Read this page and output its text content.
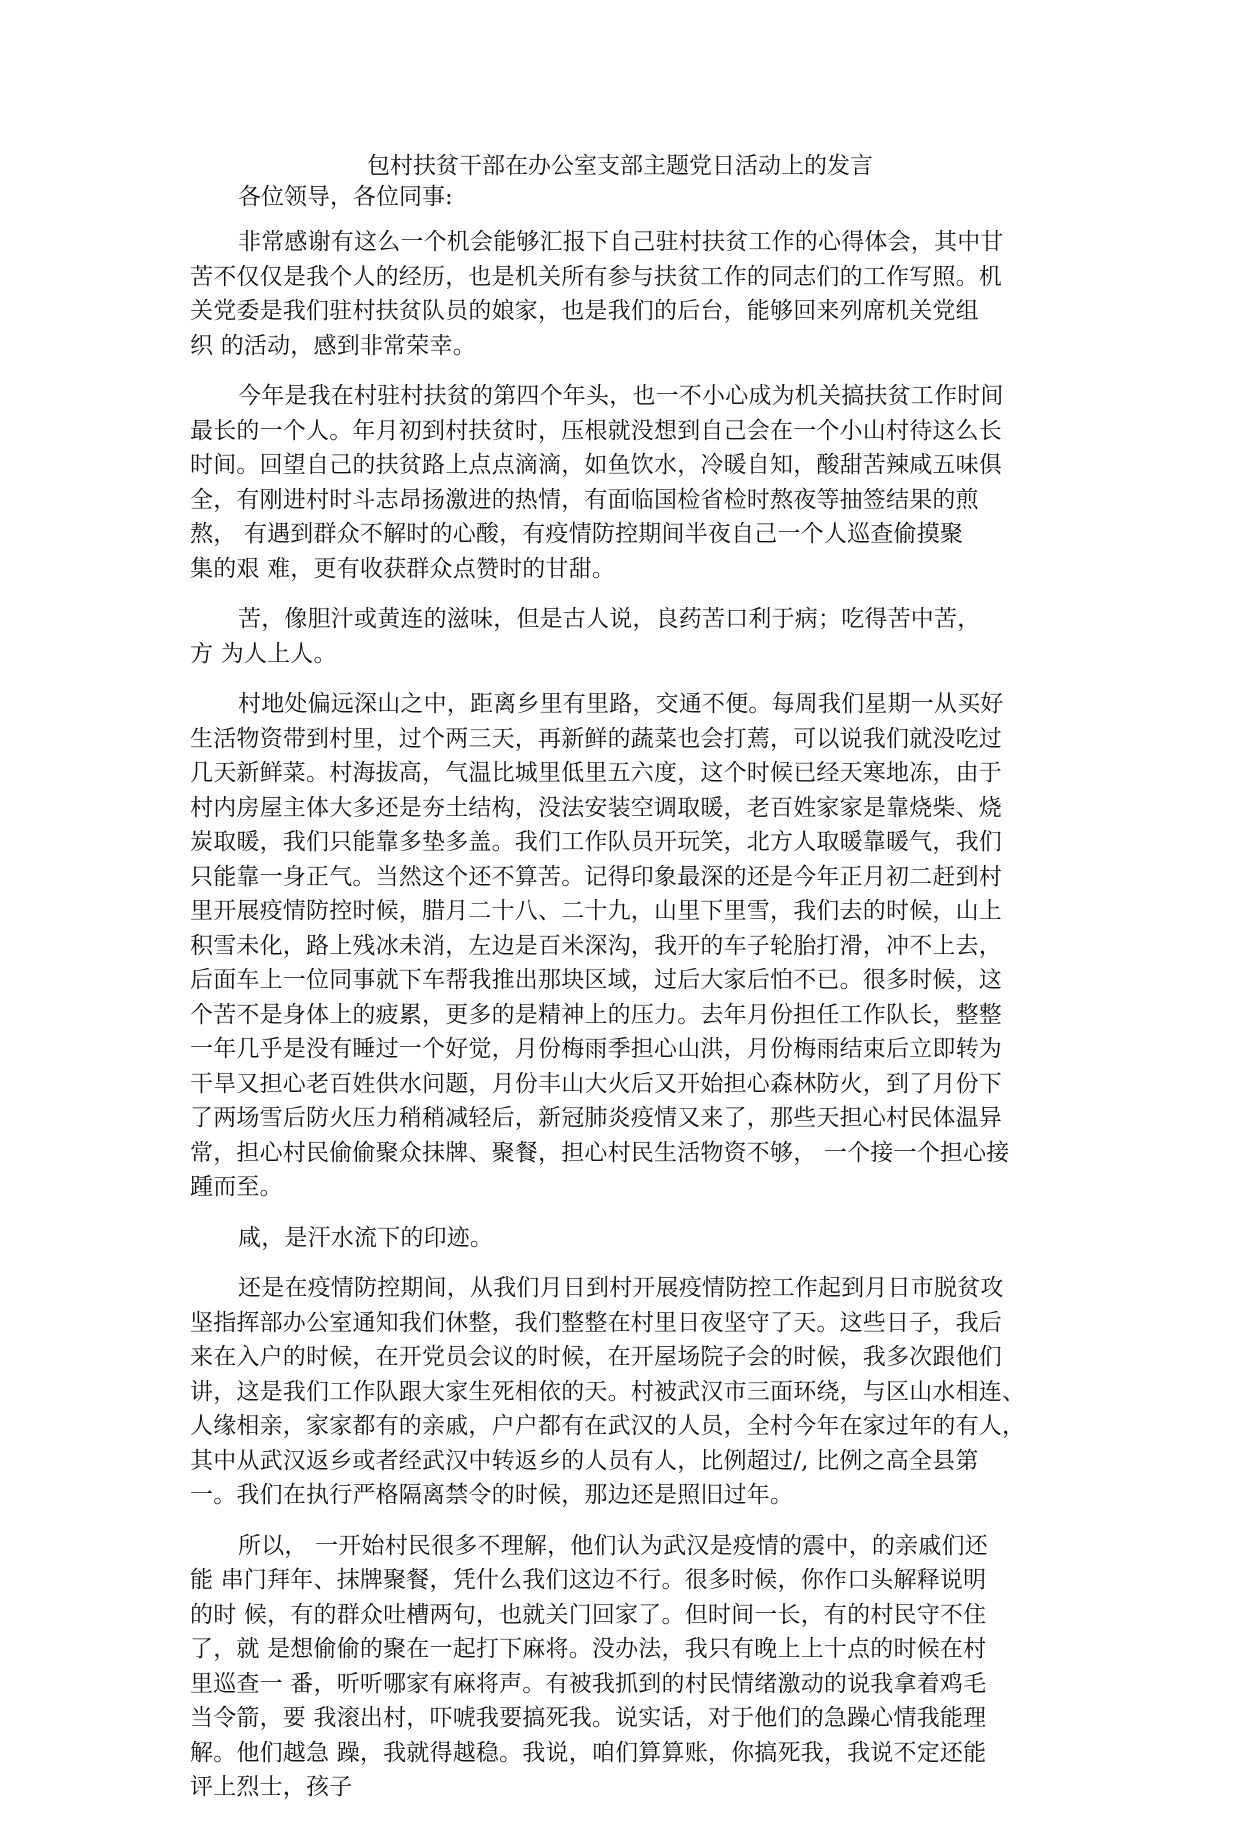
包村扶贫干部在办公室支部主题党日活动上的发言
各位领导，各位同事:
非常感谢有这么一个机会能够汇报下自己驻村扶贫工作的心得体会，其中甘
苦不仅仅是我个人的经历，也是机关所有参与扶贫工作的同志们的工作写照。机
关党委是我们驻村扶贫队员的娘家，也是我们的后台，能够回来列席机关党组
织 的活动，感到非常荣幸。
今年是我在村驻村扶贫的第四个年头，也一不小心成为机关搞扶贫工作时间
最长的一个人。年月初到村扶贫时，压根就没想到自己会在一个小山村待这么长
时间。回望自己的扶贫路上点点滴滴，如鱼饮水，冷暖自知，酸甜苦辣咸五味俱
全，有刚进村时斗志昂扬激进的热情，有面临国检省检时熬夜等抽签结果的煎
熬， 有遇到群众不解时的心酸，有疫情防控期间半夜自己一个人巡查偷摸聚
集的艰 难，更有收获群众点赞时的甘甜。
苦，像胆汁或黄连的滋味，但是古人说，良药苦口利于病；吃得苦中苦，
方 为人上人。
村地处偏远深山之中，距离乡里有里路，交通不便。每周我们星期一从买好
生活物资带到村里，过个两三天，再新鲜的蔬菜也会打蔫，可以说我们就没吃过
几天新鲜菜。村海拔高，气温比城里低里五六度，这个时候已经天寒地冻，由于
村内房屋主体大多还是夯土结构，没法安装空调取暖，老百姓家家是靠烧柴、烧
炭取暖，我们只能靠多垫多盖。我们工作队员开玩笑，北方人取暖靠暖气，我们
只能靠一身正气。当然这个还不算苦。记得印象最深的还是今年正月初二赶到村
里开展疫情防控时候，腊月二十八、二十九，山里下里雪，我们去的时候，山上
积雪未化，路上残冰未消，左边是百米深沟，我开的车子轮胎打滑，冲不上去，
后面车上一位同事就下车帮我推出那块区域，过后大家后怕不已。很多时候，这
个苦不是身体上的疲累，更多的是精神上的压力。去年月份担任工作队长，整整
一年几乎是没有睡过一个好觉，月份梅雨季担心山洪，月份梅雨结束后立即转为
干旱又担心老百姓供水问题，月份丰山大火后又开始担心森林防火，到了月份下
了两场雪后防火压力稍稍减轻后，新冠肺炎疫情又来了，那些天担心村民体温异
常，担心村民偷偷聚众抹牌、聚餐，担心村民生活物资不够， 一个接一个担心接
踵而至。
咸，是汗水流下的印迹。
还是在疫情防控期间，从我们月日到村开展疫情防控工作起到月日市脱贫攻
坚指挥部办公室通知我们休整，我们整整在村里日夜坚守了天。这些日子，我后
来在入户的时候，在开党员会议的时候，在开屋场院子会的时候，我多次跟他们
讲，这是我们工作队跟大家生死相依的天。村被武汉市三面环绕，与区山水相连、
人缘相亲，家家都有的亲戚，户户都有在武汉的人员，全村今年在家过年的有人，
其中从武汉返乡或者经武汉中转返乡的人员有人，比例超过/, 比例之高全县第
一。我们在执行严格隔离禁令的时候，那边还是照旧过年。
所以， 一开始村民很多不理解，他们认为武汉是疫情的震中，的亲戚们还
能 串门拜年、抹牌聚餐，凭什么我们这边不行。很多时候，你作口头解释说明
的时 候，有的群众吐槽两句，也就关门回家了。但时间一长，有的村民守不住
了，就 是想偷偷的聚在一起打下麻将。没办法，我只有晚上上十点的时候在村
里巡查一 番，听听哪家有麻将声。有被我抓到的村民情绪激动的说我拿着鸡毛
当令箭，要 我滚出村，吓唬我要搞死我。说实话，对于他们的急躁心情我能理
解。他们越急 躁，我就得越稳。我说，咱们算算账，你搞死我，我说不定还能
评上烈士，孩子
